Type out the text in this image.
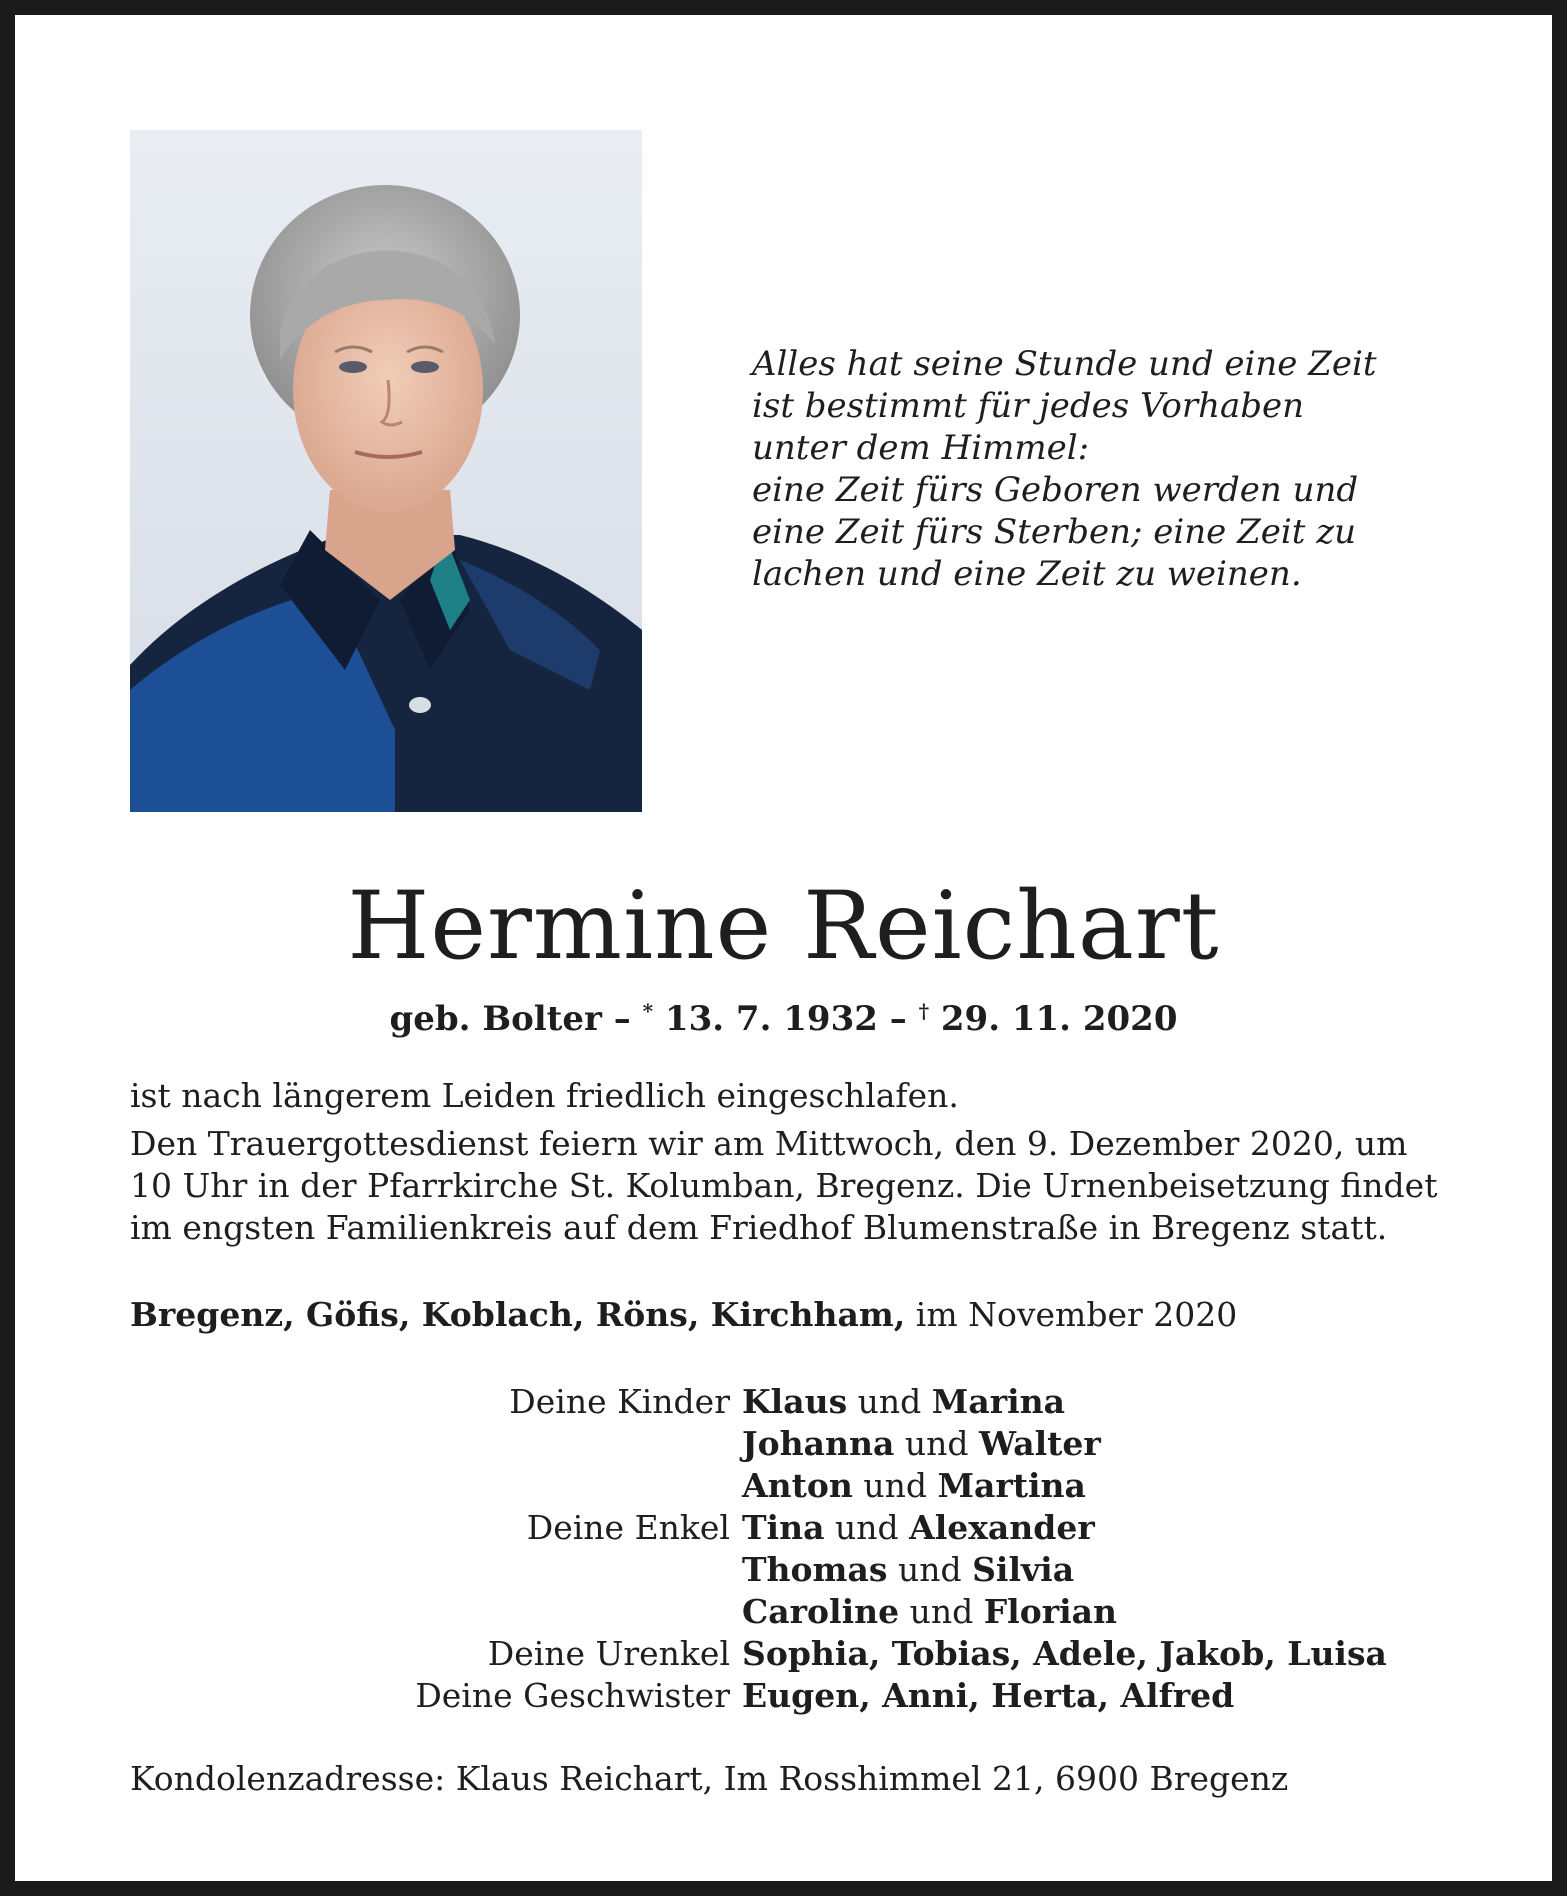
Alles hat seine Stunde und eine Zeit
ist bestimmt für jedes Vorhaben
unter dem Himmel:
eine Zeit fürs Geboren werden und
eine Zeit fürs Sterben; eine Zeit zu
lachen und eine Zeit zu weinen.
Hermine Reichart
geb. Bolter – * 13. 7. 1932 – † 29. 11. 2020
ist nach längerem Leiden friedlich eingeschlafen.
Den Trauergottesdienst feiern wir am Mittwoch, den 9. Dezember 2020, um
10 Uhr in der Pfarrkirche St. Kolumban, Bregenz. Die Urnenbeisetzung findet
im engsten Familienkreis auf dem Friedhof Blumenstraße in Bregenz statt.
Bregenz, Göfis, Koblach, Röns, Kirchham, im November 2020
Deine Kinder Klaus und Marina
Johanna und Walter
Anton und Martina
Deine Enkel Tina und Alexander
Thomas und Silvia
Caroline und Florian
Deine Urenkel Sophia, Tobias, Adele, Jakob, Luisa
Deine Geschwister Eugen, Anni, Herta, Alfred
Kondolenzadresse: Klaus Reichart, Im Rosshimmel 21, 6900 Bregenz
